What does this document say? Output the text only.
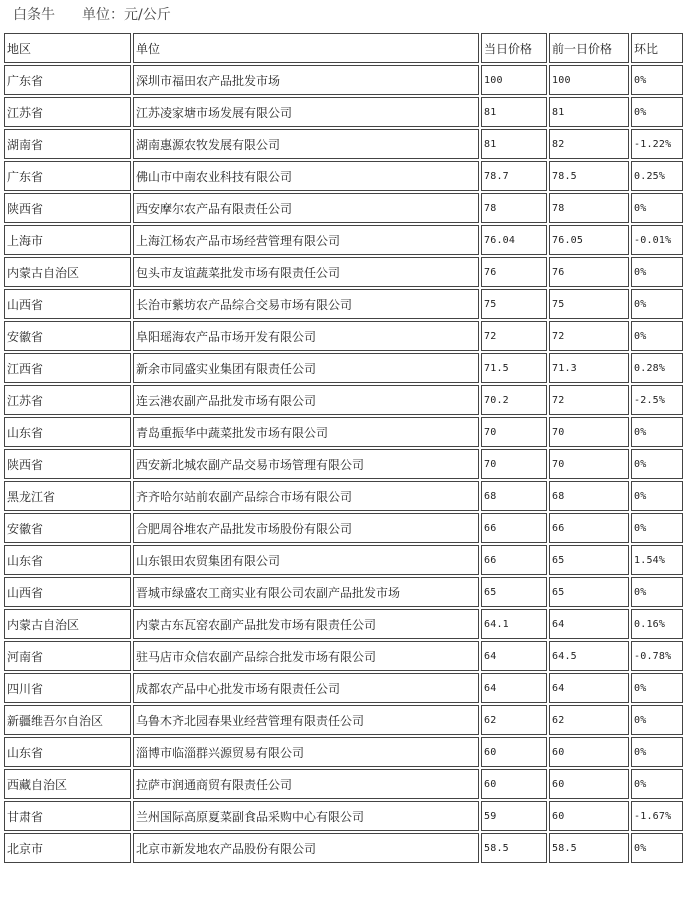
白条牛 单位：元/公斤
地区	单位	当日价格	前一日价格	环比
广东省	深圳市福田农产品批发市场	100	100	0%
江苏省	江苏凌家塘市场发展有限公司	81	81	0%
湖南省	湖南惠源农牧发展有限公司	81	82	-1.22%
广东省	佛山市中南农业科技有限公司	78.7	78.5	0.25%
陕西省	西安摩尔农产品有限责任公司	78	78	0%
上海市	上海江杨农产品市场经营管理有限公司	76.04	76.05	-0.01%
内蒙古自治区	包头市友谊蔬菜批发市场有限责任公司	76	76	0%
山西省	长治市紫坊农产品综合交易市场有限公司	75	75	0%
安徽省	阜阳瑶海农产品市场开发有限公司	72	72	0%
江西省	新余市同盛实业集团有限责任公司	71.5	71.3	0.28%
江苏省	连云港农副产品批发市场有限公司	70.2	72	-2.5%
山东省	青岛重振华中蔬菜批发市场有限公司	70	70	0%
陕西省	西安新北城农副产品交易市场管理有限公司	70	70	0%
黑龙江省	齐齐哈尔站前农副产品综合市场有限公司	68	68	0%
安徽省	合肥周谷堆农产品批发市场股份有限公司	66	66	0%
山东省	山东银田农贸集团有限公司	66	65	1.54%
山西省	晋城市绿盛农工商实业有限公司农副产品批发市场	65	65	0%
内蒙古自治区	内蒙古东瓦窑农副产品批发市场有限责任公司	64.1	64	0.16%
河南省	驻马店市众信农副产品综合批发市场有限公司	64	64.5	-0.78%
四川省	成都农产品中心批发市场有限责任公司	64	64	0%
新疆维吾尔自治区	乌鲁木齐北园春果业经营管理有限责任公司	62	62	0%
山东省	淄博市临淄群兴源贸易有限公司	60	60	0%
西藏自治区	拉萨市润通商贸有限责任公司	60	60	0%
甘肃省	兰州国际高原夏菜副食品采购中心有限公司	59	60	-1.67%
北京市	北京市新发地农产品股份有限公司	58.5	58.5	0%
